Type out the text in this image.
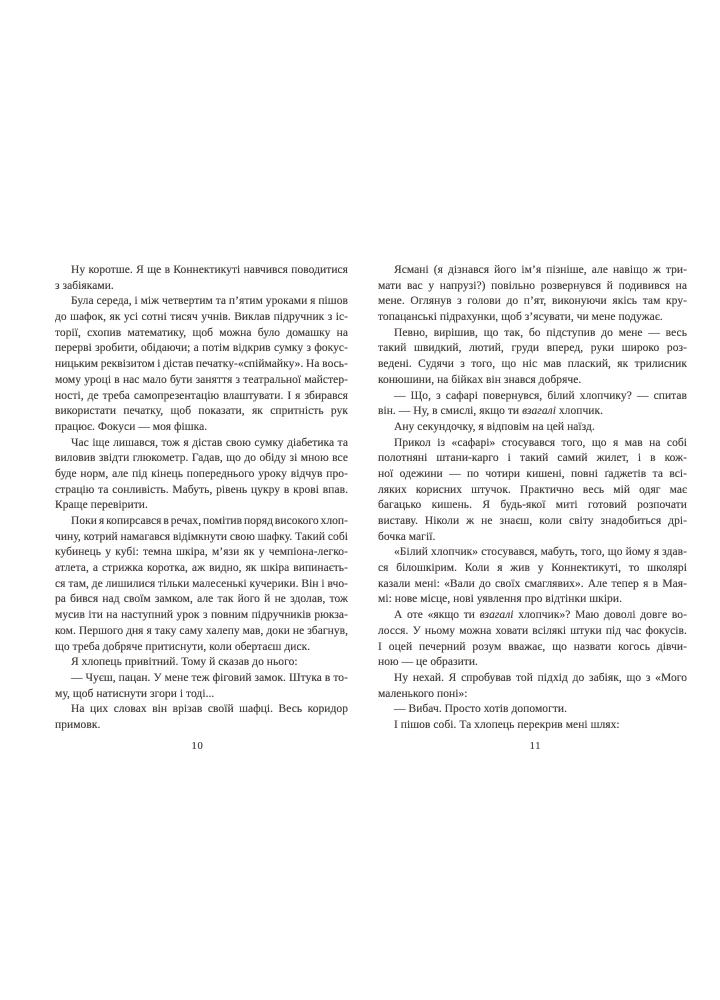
Ну коротше. Я ще в Коннектикуті навчився поводитися
з забіяками.
Була середа, і між четвертим та п’ятим уроками я пішов
до шафок, як усі сотні тисяч учнів. Виклав підручник з іс-
торії, схопив математику, щоб можна було домашку на
перерві зробити, обідаючи; а потім відкрив сумку з фокус-
ницьким реквізитом і дістав печатку-«спіймайку». На вось-
мому уроці в нас мало бути заняття з театральної майстер-
ності, де треба самопрезентацію влаштувати. І я збирався
використати печатку, щоб показати, як спритність рук
працює. Фокуси — моя фішка.
Час іще лишався, тож я дістав свою сумку діабетика та
виловив звідти глюкометр. Гадав, що до обіду зі мною все
буде норм, але під кінець попереднього уроку відчув про-
страцію та сонливість. Мабуть, рівень цукру в крові впав.
Краще перевірити.
Поки я копирсався в речах, помітив поряд високого хлоп-
чину, котрий намагався відімкнути свою шафку. Такий собі
кубинець у кубі: темна шкіра, м’язи як у чемпіона-легко-
атлета, а стрижка коротка, аж видно, як шкіра випинаєть-
ся там, де лишилися тільки малесенькі кучерики. Він і вчо-
ра бився над своїм замком, але так його й не здолав, тож
мусив іти на наступний урок з повним підручників рюкза-
ком. Першого дня я таку саму халепу мав, доки не збагнув,
що треба добряче притиснути, коли обертаєш диск.
Я хлопець привітний. Тому й сказав до нього:
— Чуєш, пацан. У мене теж фіговий замок. Штука в то-
му, щоб натиснути згори і тоді...
На цих словах він врізав своїй шафці. Весь коридор
примовк.
Ясмані (я дізнався його ім’я пізніше, але навіщо ж три-
мати вас у напрузі?) повільно розвернувся й подивився на
мене. Оглянув з голови до п’ят, виконуючи якісь там кру-
топацанські підрахунки, щоб з’ясувати, чи мене подужає.
Певно, вирішив, що так, бо підступив до мене — весь
такий швидкий, лютий, груди вперед, руки широко роз-
ведені. Судячи з того, що ніс мав плаский, як трилисник
конюшини, на бійках він знався добряче.
— Що, з сафарі повернувся, білий хлопчику? — спитав
він. — Ну, в смислі, якщо ти взагалі хлопчик.
Ану секундочку, я відповім на цей наїзд.
Прикол із «сафарі» стосувався того, що я мав на собі
полотняні штани-карго і такий самий жилет, і в кож-
ної одежини — по чотири кишені, повні ґаджетів та всі-
ляких корисних штучок. Практично весь мій одяг має
багацько кишень. Я будь-якої миті готовий розпочати
виставу. Ніколи ж не знаєш, коли світу знадобиться дрі-
бочка магії.
«Білий хлопчик» стосувався, мабуть, того, що йому я здав-
ся білошкірим. Коли я жив у Коннектикуті, то школярі
казали мені: «Вали до своїх смаглявих». Але тепер я в Мая-
мі: нове місце, нові уявлення про відтінки шкіри.
А оте «якщо ти взагалі хлопчик»? Маю доволі довге во-
лосся. У ньому можна ховати всілякі штуки під час фокусів.
І оцей печерний розум вважає, що назвати когось дівчи-
ною — це образити.
Ну нехай. Я спробував той підхід до забіяк, що з «Мого
маленького поні»:
— Вибач. Просто хотів допомогти.
І пішов собі. Та хлопець перекрив мені шлях:
10	11
